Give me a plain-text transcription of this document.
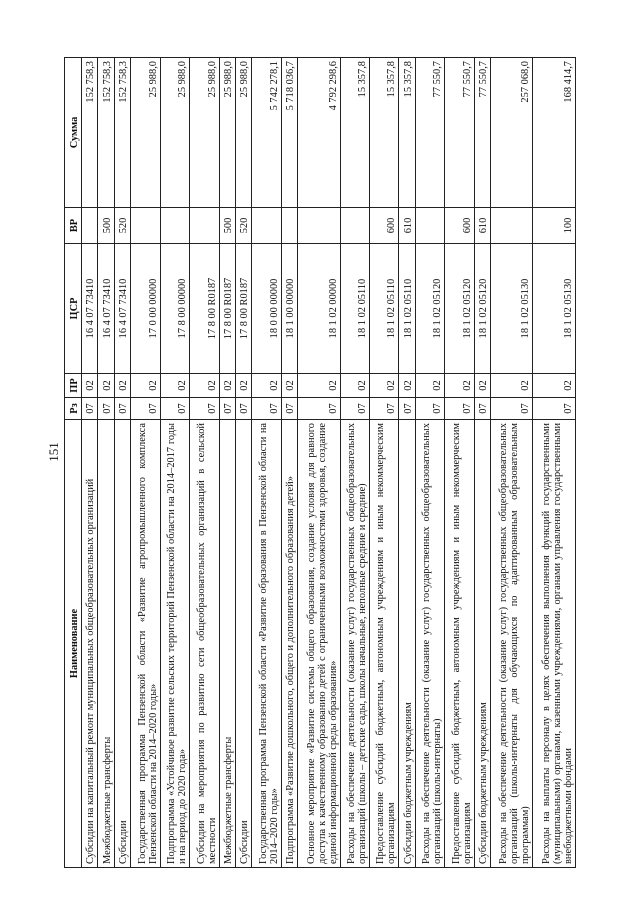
151
Наименование	Рз	ПР	ЦСР	ВР	Сумма
Субсидии на капитальный ремонт муниципальных общеобразовательных организаций	07	02	16 4 07 73410		152 758,3
Межбюджетные трансферты	07	02	16 4 07 73410	500	152 758,3
Субсидии	07	02	16 4 07 73410	520	152 758,3
Государственная программа Пензенской области «Развитие агропромышленного комплекса Пензенской области на 2014–2020 годы»	07	02	17 0 00 00000		25 988,0
Подпрограмма «Устойчивое развитие сельских территорий Пензенской области на 2014–2017 годы и на период до 2020 года»	07	02	17 8 00 00000		25 988,0
Субсидии на мероприятия по развитию сети общеобразовательных организаций в сельской местности	07	02	17 8 00 R0187		25 988,0
Межбюджетные трансферты	07	02	17 8 00 R0187	500	25 988,0
Субсидии	07	02	17 8 00 R0187	520	25 988,0
Государственная программа Пензенской области «Развитие образования в Пензенской области на 2014–2020 годы»	07	02	18 0 00 00000		5 742 278,1
Подпрограмма «Развитие дошкольного, общего и дополнительного образования детей»	07	02	18 1 00 00000		5 718 036,7
Основное мероприятие «Развитие системы общего образования, создание условия для равного доступа к качественному образованию детей с ограниченными возможностями здоровья, создание единой информационной среды образования»	07	02	18 1 02 00000		4 792 298,6
Расходы на обеспечение деятельности (оказание услуг) государственных общеобразовательных организаций (школы – детские сады, школы начальные, неполные средние и средние)	07	02	18 1 02 05110		15 357,8
Предоставление субсидий бюджетным, автономным учреждениям и иным некоммерческим организациям	07	02	18 1 02 05110	600	15 357,8
Субсидии бюджетным учреждениям	07	02	18 1 02 05110	610	15 357,8
Расходы на обеспечение деятельности (оказание услуг) государственных общеобразовательных организаций (школы-интернаты)	07	02	18 1 02 05120		77 550,7
Предоставление субсидий бюджетным, автономным учреждениям и иным некоммерческим организациям	07	02	18 1 02 05120	600	77 550,7
Субсидии бюджетным учреждениям	07	02	18 1 02 05120	610	77 550,7
Расходы на обеспечение деятельности (оказание услуг) государственных общеобразовательных организаций (школы-интернаты для обучающихся по адаптированным образовательным программам)	07	02	18 1 02 05130		257 068,0
Расходы на выплаты персоналу в целях обеспечения выполнения функций государственными (муниципальными) органами, казенными учреждениями, органами управления государственными внебюджетными фондами	07	02	18 1 02 05130	100	168 414,7
